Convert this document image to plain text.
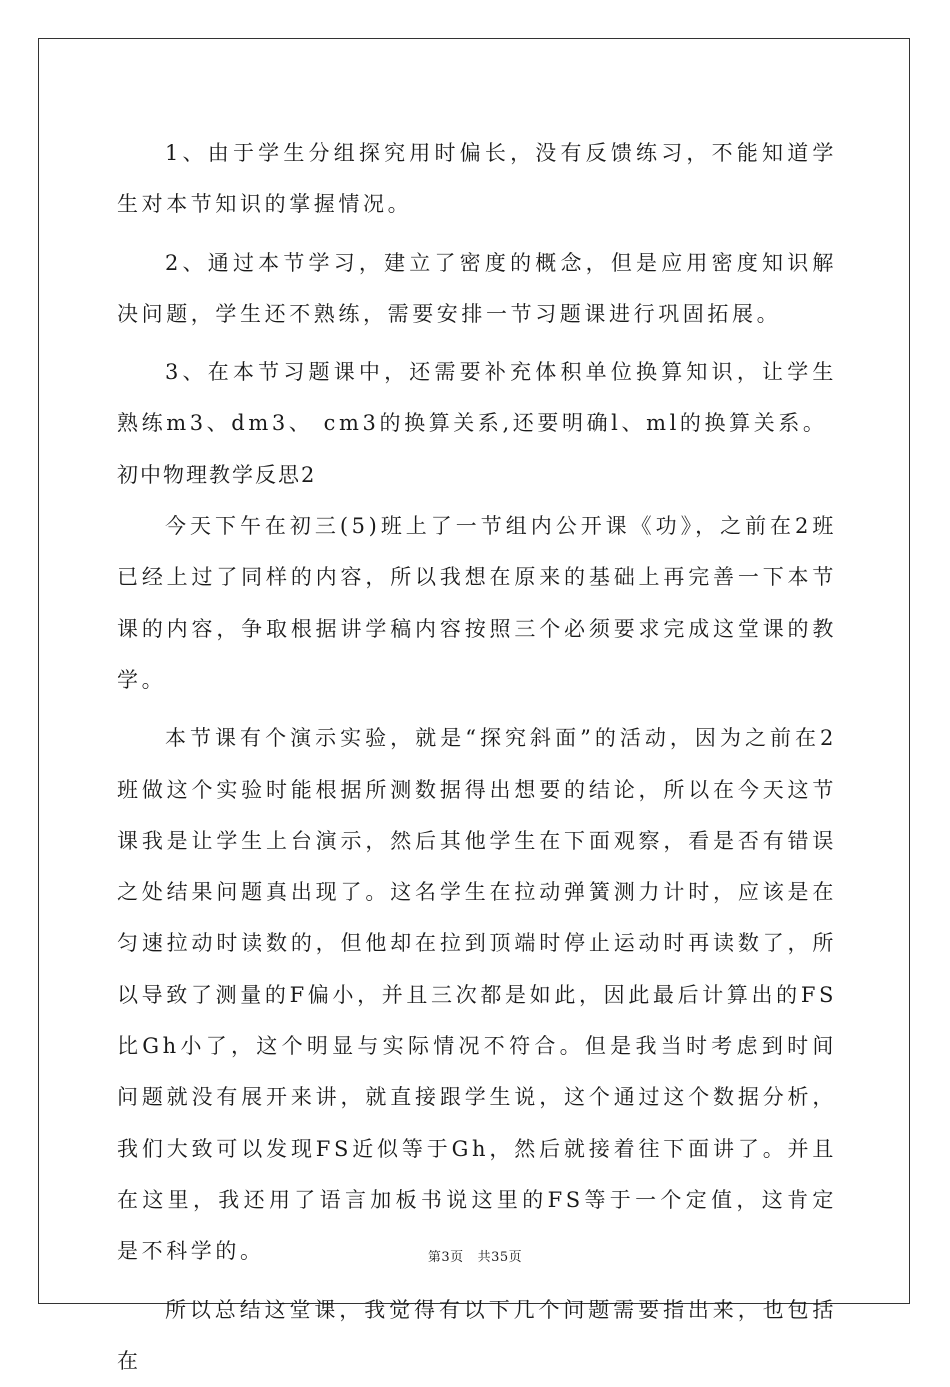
1、由于学生分组探究用时偏长，没有反馈练习，不能知道学生对本节知识的掌握情况。

2、通过本节学习，建立了密度的概念，但是应用密度知识解决问题，学生还不熟练，需要安排一节习题课进行巩固拓展。

3、在本节习题课中，还需要补充体积单位换算知识，让学生熟练m3、dm3、 cm3的换算关系,还要明确l、ml的换算关系。

初中物理教学反思2

今天下午在初三(5)班上了一节组内公开课《功》，之前在2班已经上过了同样的内容，所以我想在原来的基础上再完善一下本节课的内容，争取根据讲学稿内容按照三个必须要求完成这堂课的教学。

本节课有个演示实验，就是“探究斜面”的活动，因为之前在2班做这个实验时能根据所测数据得出想要的结论，所以在今天这节课我是让学生上台演示，然后其他学生在下面观察，看是否有错误之处结果问题真出现了。这名学生在拉动弹簧测力计时，应该是在匀速拉动时读数的，但他却在拉到顶端时停止运动时再读数了，所以导致了测量的F偏小，并且三次都是如此，因此最后计算出的FS比Gh小了，这个明显与实际情况不符合。但是我当时考虑到时间问题就没有展开来讲，就直接跟学生说，这个通过这个数据分析，我们大致可以发现FS近似等于Gh，然后就接着往下面讲了。并且在这里，我还用了语言加板书说这里的FS等于一个定值，这肯定是不科学的。

所以总结这堂课，我觉得有以下几个问题需要指出来，也包括在

第3页 共35页
